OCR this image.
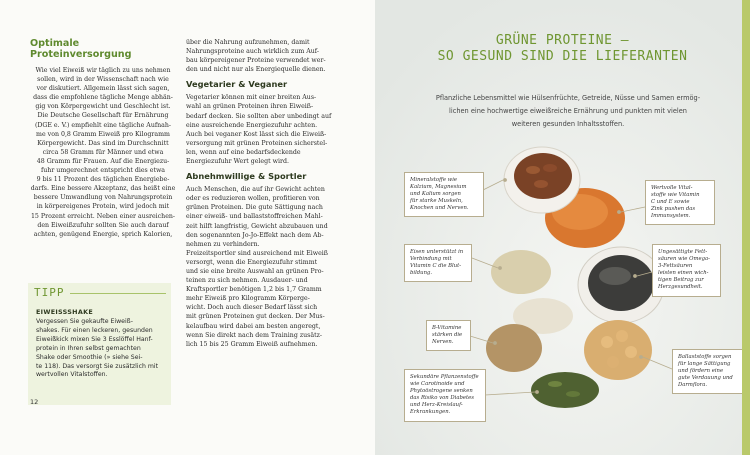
Optimale Proteinversorgung

Wie viel Eiweiß wir täglich zu uns nehmen

sollen, wird in der Wissenschaft nach wie

vor diskutiert. Allgemein lässt sich sagen,

dass die empfohlene tägliche Menge abhän-

gig von Körpergewicht und Geschlecht ist.

Die Deutsche Gesellschaft für Ernährung

(DGE e. V.) empfiehlt eine tägliche Aufnah-

me von 0,8 Gramm Eiweiß pro Kilogramm

Körpergewicht. Das sind im Durchschnitt

circa 58 Gramm für Männer und etwa

48 Gramm für Frauen. Auf die Energiezu-

fuhr umgerechnet entspricht dies etwa

9 bis 11 Prozent des täglichen Energiebe-

darfs. Eine bessere Akzeptanz, das heißt eine

bessere Umwandlung von Nahrungsprotein

in körpereigenes Protein, wird jedoch mit

15 Prozent erreicht. Neben einer ausreichen-

den Eiweißzufuhr sollten Sie auch darauf

achten, genügend Energie, sprich Kalorien,

TIPP
EIWEISSSHAKE
Vergessen Sie gekaufte Eiweiß-
shakes. Für einen leckeren, gesunden
Eiweißkick mixen Sie 3 Esslöffel Hanf-
protein in Ihren selbst gemachten
Shake oder Smoothie (» siehe Sei-
te 118). Das versorgt Sie zusätzlich mit
wertvollen Vitalstoffen.

über die Nahrung aufzunehmen, damit

Nahrungsproteine auch wirklich zum Auf-

bau körpereigener Proteine verwendet wer-

den und nicht nur als Energiequelle dienen.

Vegetarier & Veganer

Vegetarier können mit einer breiten Aus-

wahl an grünen Proteinen ihren Eiweiß-

bedarf decken. Sie sollten aber unbedingt auf

eine ausreichende Energiezufuhr achten.

Auch bei veganer Kost lässt sich die Eiweiß-

versorgung mit grünen Proteinen sicherstel-

len, wenn auf eine bedarfsdeckende

Energiezufuhr Wert gelegt wird.

Abnehmwillige & Sportler

Auch Menschen, die auf ihr Gewicht achten

oder es reduzieren wollen, profitieren von

grünen Proteinen. Die gute Sättigung nach

einer eiweiß- und ballaststoffreichen Mahl-

zeit hilft langfristig, Gewicht abzubauen und

den sogenannten Jo-Jo-Effekt nach dem Ab-

nehmen zu verhindern.

Freizeitsportler sind ausreichend mit Eiweiß

versorgt, wenn die Energiezufuhr stimmt

und sie eine breite Auswahl an grünen Pro-

teinen zu sich nehmen. Ausdauer- und

Kraftsportler benötigen 1,2 bis 1,7 Gramm

mehr Eiweiß pro Kilogramm Körperge-

wicht. Doch auch dieser Bedarf lässt sich

mit grünen Proteinen gut decken. Der Mus-

kelaufbau wird dabei am besten angeregt,

wenn Sie direkt nach dem Training zusätz-

lich 15 bis 25 Gramm Eiweiß aufnehmen.

12
GRÜNE PROTEINE –
SO GESUND SIND DIE LIEFERANTEN
Pflanzliche Lebensmittel wie Hülsenfrüchte, Getreide, Nüsse und Samen ermög-
lichen eine hochwertige eiweißreiche Ernährung und punkten mit vielen
weiteren gesunden Inhaltsstoffen.
Mineralstoffe wie
Kalzium, Magnesium
und Kalium sorgen
für starke Muskeln,
Knochen und Nerven.
Wertvolle Vital-
stoffe wie Vitamin
C und E sowie
Zink pushen das
Immunsystem.
Eisen unterstützt in
Verbindung mit
Vitamin C die Blut-
bildung.
Ungesättigte Fett-
säuren wie Omega-
3-Fettsäuren
leisten einen wich-
tigen Beitrag zur
Herzgesundheit.
B-Vitamine
stärken die
Nerven.
Ballaststoffe sorgen
für lange Sättigung
und fördern eine
gute Verdauung und
Darmflora.
Sekundäre Pflanzenstoffe
wie Carotinoide und
Phytoöstrogene senken
das Risiko von Diabetes
und Herz-Kreislauf-
Erkrankungen.
